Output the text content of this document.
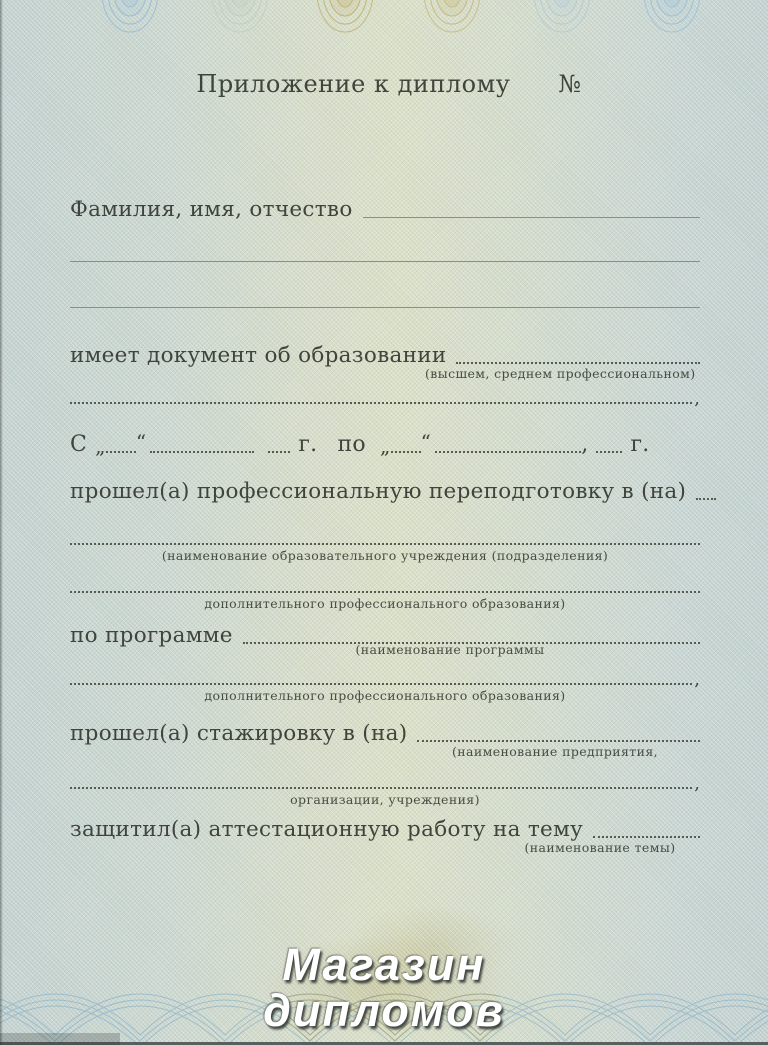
Приложение к диплому №
Фамилия, имя, отчество
имеет документ об образовании
(высшем, среднем профессиональном)
,
С „ “	г. по „ “	, г.
прошел(а) профессиональную переподготовку в (на)
(наименование образовательного учреждения (подразделения)
дополнительного профессионального образования)
по программе
(наименование программы
,
дополнительного профессионального образования)
прошел(а) стажировку в (на)
(наименование предприятия,
,
организации, учреждения)
защитил(а) аттестационную работу на тему
(наименование темы)
Магазин
дипломов
